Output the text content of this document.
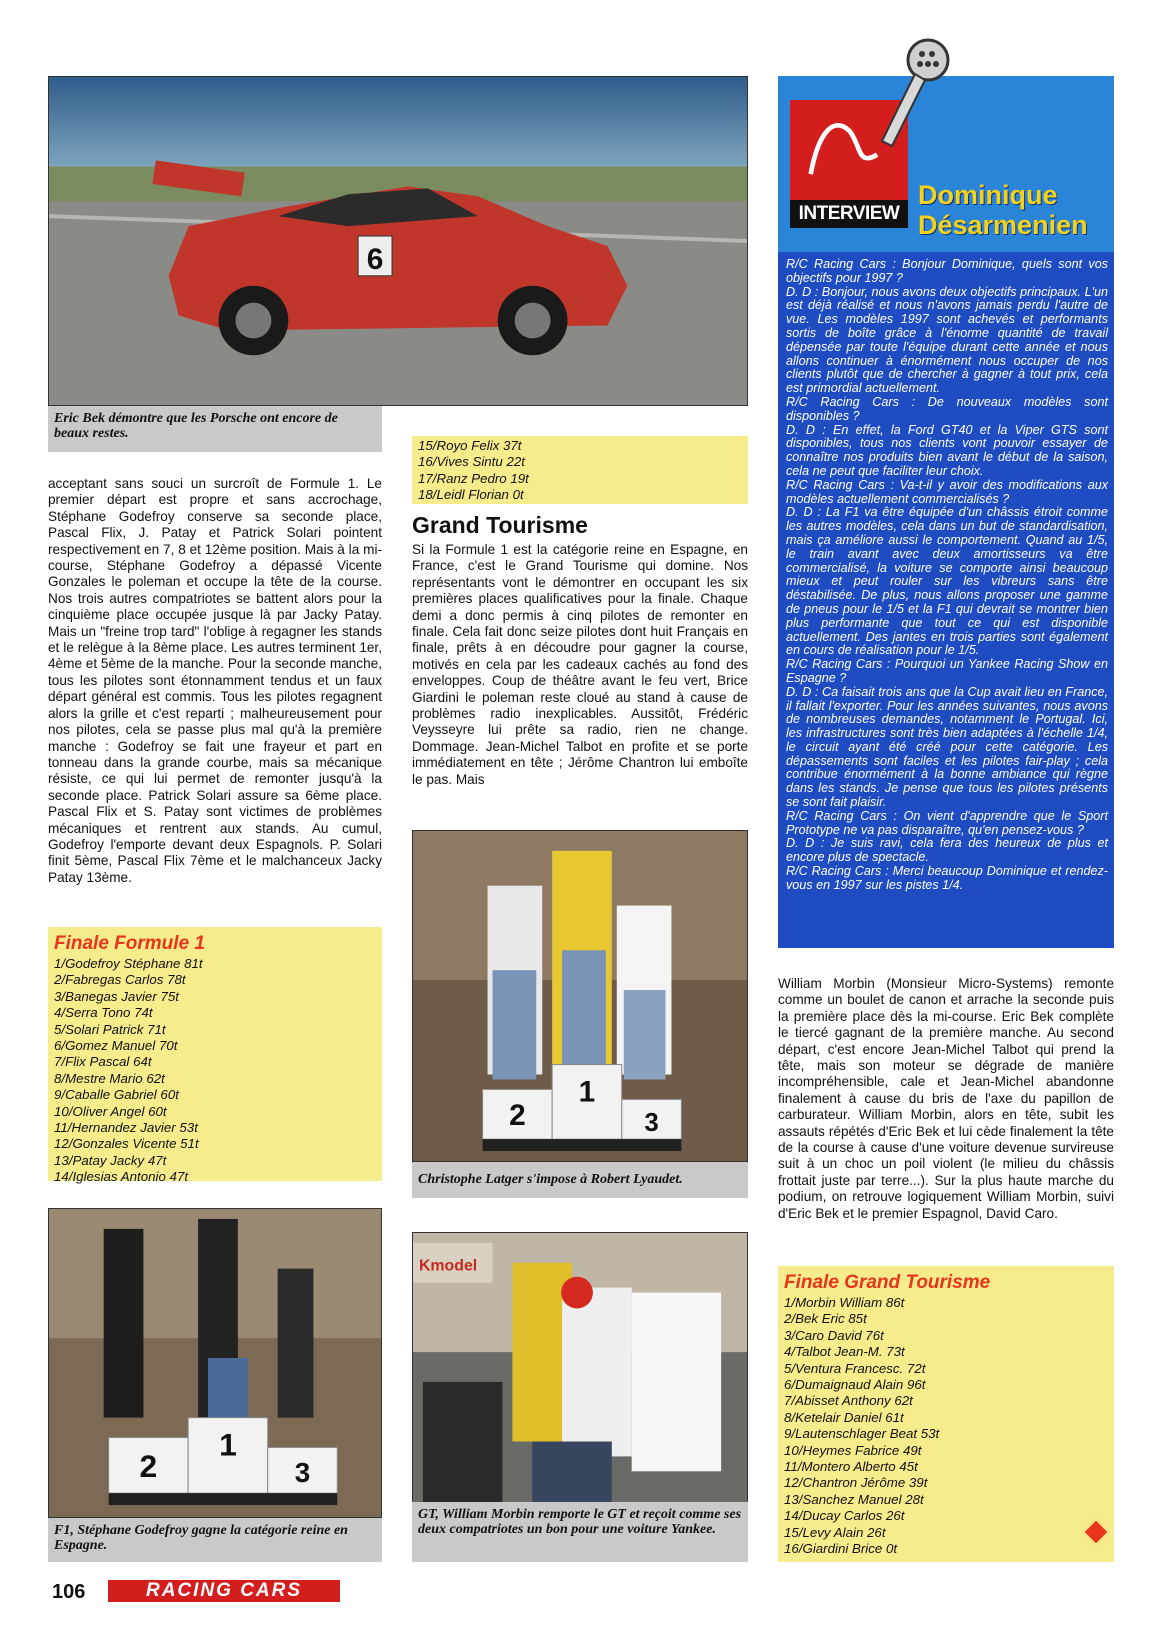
6
Eric Bek démontre que les Porsche ont encore de beaux restes.
acceptant sans souci un surcroît de Formule 1. Le premier départ est propre et sans accrochage, Stéphane Godefroy conserve sa seconde place, Pascal Flix, J. Patay et Patrick Solari pointent respectivement en 7, 8 et 12ème position. Mais à la mi-course, Stéphane Godefroy a dépassé Vicente Gonzales le poleman et occupe la tête de la course. Nos trois autres compatriotes se battent alors pour la cinquième place occupée jusque là par Jacky Patay. Mais un "freine trop tard" l'oblige à regagner les stands et le relègue à la 8ème place. Les autres terminent 1er, 4ème et 5ème de la manche. Pour la seconde manche, tous les pilotes sont étonnamment tendus et un faux départ général est commis. Tous les pilotes regagnent alors la grille et c'est reparti ; malheureusement pour nos pilotes, cela se passe plus mal qu'à la première manche : Godefroy se fait une frayeur et part en tonneau dans la grande courbe, mais sa mécanique résiste, ce qui lui permet de remonter jusqu'à la seconde place. Patrick Solari assure sa 6ème place. Pascal Flix et S. Patay sont victimes de problèmes mécaniques et rentrent aux stands. Au cumul, Godefroy l'emporte devant deux Espagnols. P. Solari finit 5ème, Pascal Flix 7ème et le malchanceux Jacky Patay 13ème.
Finale Formule 1
1/Godefroy Stéphane 81t
2/Fabregas Carlos 78t
3/Banegas Javier 75t
4/Serra Tono 74t
5/Solari Patrick 71t
6/Gomez Manuel 70t
7/Flix Pascal 64t
8/Mestre Mario 62t
9/Caballe Gabriel 60t
10/Oliver Angel 60t
11/Hernandez Javier 53t
12/Gonzales Vicente 51t
13/Patay Jacky 47t
14/Iglesias Antonio 47t
2
1
3
F1, Stéphane Godefroy gagne la catégorie reine en Espagne.
15/Royo Felix 37t
16/Vives Sintu 22t
17/Ranz Pedro 19t
18/Leidl Florian 0t
Grand Tourisme
Si la Formule 1 est la catégorie reine en Espagne, en France, c'est le Grand Tourisme qui domine. Nos représentants vont le démontrer en occupant les six premières places qualificatives pour la finale. Chaque demi a donc permis à cinq pilotes de remonter en finale. Cela fait donc seize pilotes dont huit Français en finale, prêts à en découdre pour gagner la course, motivés en cela par les cadeaux cachés au fond des enveloppes. Coup de théâtre avant le feu vert, Brice Giardini le poleman reste cloué au stand à cause de problèmes radio inexplicables. Aussitôt, Frédéric Veysseyre lui prête sa radio, rien ne change. Dommage. Jean-Michel Talbot en profite et se porte immédiatement en tête ; Jérôme Chantron lui emboîte le pas. Mais
2
1
3
Christophe Latger s'impose à Robert Lyaudet.
Kmodel
GT, William Morbin remporte le GT et reçoit comme ses deux compatriotes un bon pour une voiture Yankee.
INTERVIEW
Dominique
Désarmenien
R/C Racing Cars : Bonjour Dominique, quels sont vos objectifs pour 1997 ?
D. D : Bonjour, nous avons deux objectifs principaux. L'un est déjà réalisé et nous n'avons jamais perdu l'autre de vue. Les modèles 1997 sont achevés et performants sortis de boîte grâce à l'énorme quantité de travail dépensée par toute l'équipe durant cette année et nous allons continuer à énormément nous occuper de nos clients plutôt que de chercher à gagner à tout prix, cela est primordial actuellement.
R/C Racing Cars : De nouveaux modèles sont disponibles ?
D. D : En effet, la Ford GT40 et la Viper GTS sont disponibles, tous nos clients vont pouvoir essayer de connaître nos produits bien avant le début de la saison, cela ne peut que faciliter leur choix.
R/C Racing Cars : Va-t-il y avoir des modifications aux modèles actuellement commercialisés ?
D. D : La F1 va être équipée d'un châssis étroit comme les autres modèles, cela dans un but de standardisation, mais ça améliore aussi le comportement. Quand au 1/5, le train avant avec deux amortisseurs va être commercialisé, la voiture se comporte ainsi beaucoup mieux et peut rouler sur les vibreurs sans être déstabilisée. De plus, nous allons proposer une gamme de pneus pour le 1/5 et la F1 qui devrait se montrer bien plus performante que tout ce qui est disponible actuellement. Des jantes en trois parties sont également en cours de réalisation pour le 1/5.
R/C Racing Cars : Pourquoi un Yankee Racing Show en Espagne ?
D. D : Ca faisait trois ans que la Cup avait lieu en France, il fallait l'exporter. Pour les années suivantes, nous avons de nombreuses demandes, notamment le Portugal. Ici, les infrastructures sont très bien adaptées à l'échelle 1/4, le circuit ayant été créé pour cette catégorie. Les dépassements sont faciles et les pilotes fair-play ; cela contribue énormément à la bonne ambiance qui règne dans les stands. Je pense que tous les pilotes présents se sont fait plaisir.
R/C Racing Cars : On vient d'apprendre que le Sport Prototype ne va pas disparaître, qu'en pensez-vous ?
D. D : Je suis ravi, cela fera des heureux de plus et encore plus de spectacle.
R/C Racing Cars : Merci beaucoup Dominique et rendez-vous en 1997 sur les pistes 1/4.
William Morbin (Monsieur Micro-Systems) remonte comme un boulet de canon et arrache la seconde puis la première place dès la mi-course. Eric Bek complète le tiercé gagnant de la première manche. Au second départ, c'est encore Jean-Michel Talbot qui prend la tête, mais son moteur se dégrade de manière incompréhensible, cale et Jean-Michel abandonne finalement à cause du bris de l'axe du papillon de carburateur. William Morbin, alors en tête, subit les assauts répétés d'Eric Bek et lui cède finalement la tête de la course à cause d'une voiture devenue survireuse suit à un choc un poil violent (le milieu du châssis frottait juste par terre...). Sur la plus haute marche du podium, on retrouve logiquement William Morbin, suivi d'Eric Bek et le premier Espagnol, David Caro.
Finale Grand Tourisme
1/Morbin William 86t
2/Bek Eric 85t
3/Caro David 76t
4/Talbot Jean-M. 73t
5/Ventura Francesc. 72t
6/Dumaignaud Alain 96t
7/Abisset Anthony 62t
8/Ketelair Daniel 61t
9/Lautenschlager Beat 53t
10/Heymes Fabrice 49t
11/Montero Alberto 45t
12/Chantron Jérôme 39t
13/Sanchez Manuel 28t
14/Ducay Carlos 26t
15/Levy Alain 26t
16/Giardini Brice 0t
106	RACING CARS
